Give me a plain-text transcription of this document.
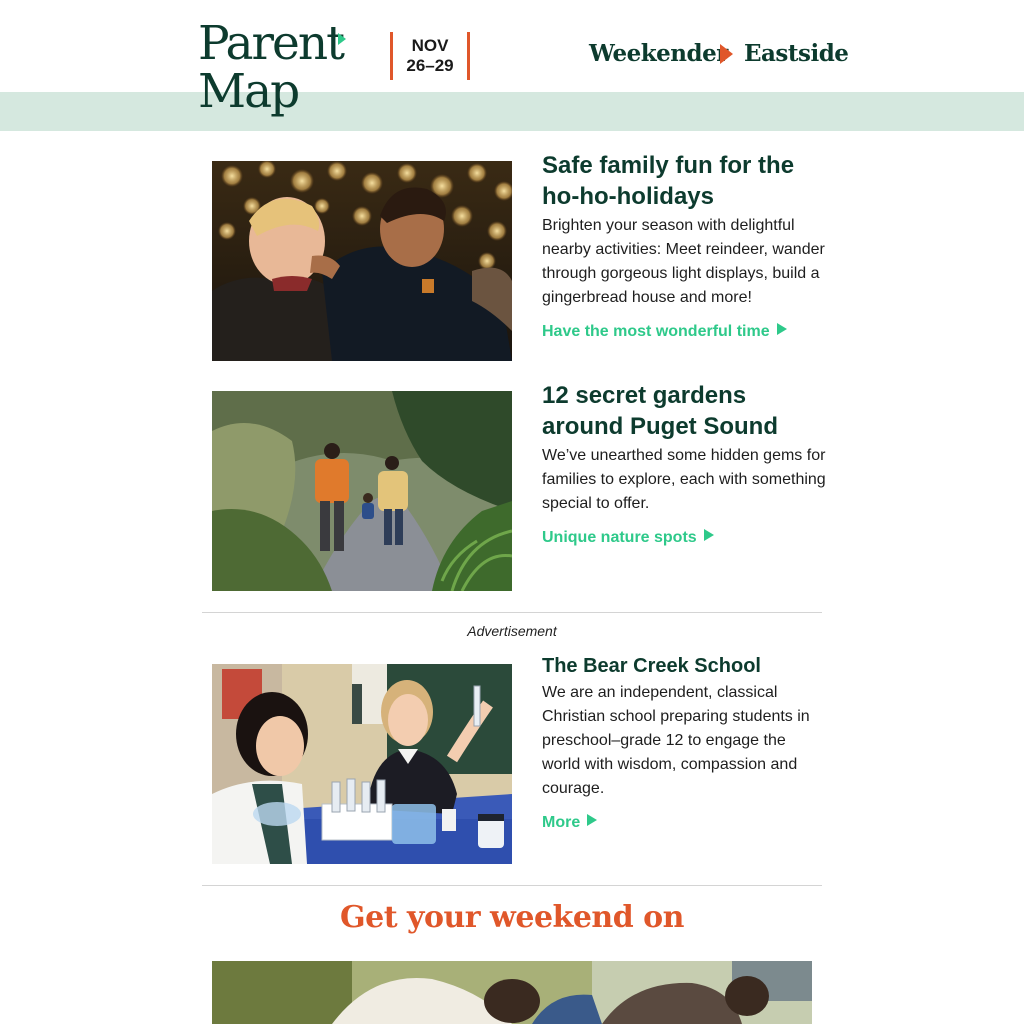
Parent
Map
NOV
26–29	Weekender Eastside
Safe family fun for the ho-ho-holidays

Brighten your season with delightful nearby activities: Meet reindeer, wander through gorgeous light displays, build a gingerbread house and more!

Have the most wonderful time
12 secret gardens around Puget Sound

We’ve unearthed some hidden gems for families to explore, each with something special to offer.

Unique nature spots
Advertisement
The Bear Creek School

We are an independent, classical Christian school preparing students in preschool–grade 12 to engage the world with wisdom, compassion and courage.

More
Get your weekend on
